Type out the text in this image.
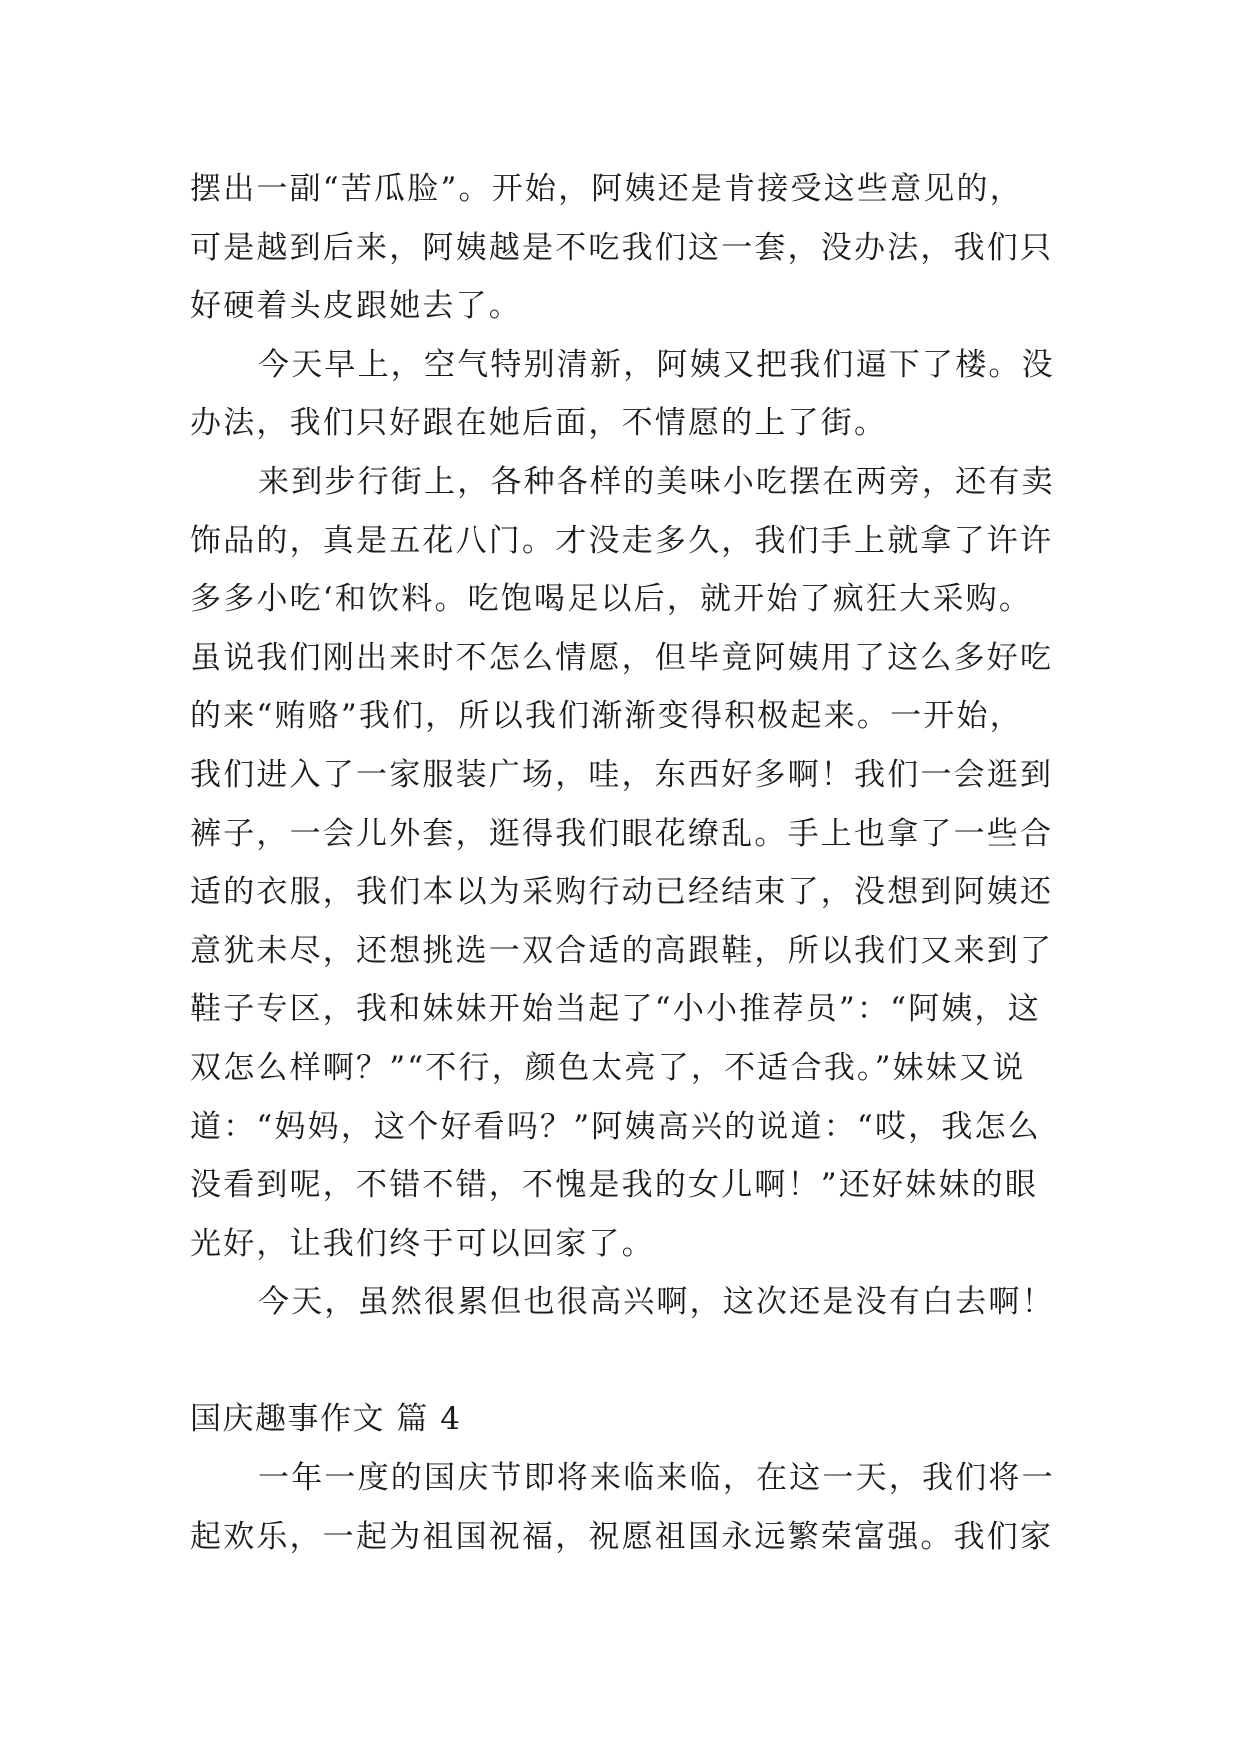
摆出一副“苦瓜脸”。开始，阿姨还是肯接受这些意见的，
可是越到后来，阿姨越是不吃我们这一套，没办法，我们只
好硬着头皮跟她去了。
今天早上，空气特别清新，阿姨又把我们逼下了楼。没
办法，我们只好跟在她后面，不情愿的上了街。
来到步行街上，各种各样的美味小吃摆在两旁，还有卖
饰品的，真是五花八门。才没走多久，我们手上就拿了许许
多多小吃‘和饮料。吃饱喝足以后，就开始了疯狂大采购。
虽说我们刚出来时不怎么情愿，但毕竟阿姨用了这么多好吃
的来“贿赂”我们，所以我们渐渐变得积极起来。一开始，
我们进入了一家服装广场，哇，东西好多啊！我们一会逛到
裤子，一会儿外套，逛得我们眼花缭乱。手上也拿了一些合
适的衣服，我们本以为采购行动已经结束了，没想到阿姨还
意犹未尽，还想挑选一双合适的高跟鞋，所以我们又来到了
鞋子专区，我和妹妹开始当起了“小小推荐员”：“阿姨，这
双怎么样啊？”“不行，颜色太亮了，不适合我。”妹妹又说
道：“妈妈，这个好看吗？”阿姨高兴的说道：“哎，我怎么
没看到呢，不错不错，不愧是我的女儿啊！”还好妹妹的眼
光好，让我们终于可以回家了。
今天，虽然很累但也很高兴啊，这次还是没有白去啊！
国庆趣事作文 篇 4
一年一度的国庆节即将来临来临，在这一天，我们将一
起欢乐，一起为祖国祝福，祝愿祖国永远繁荣富强。我们家
